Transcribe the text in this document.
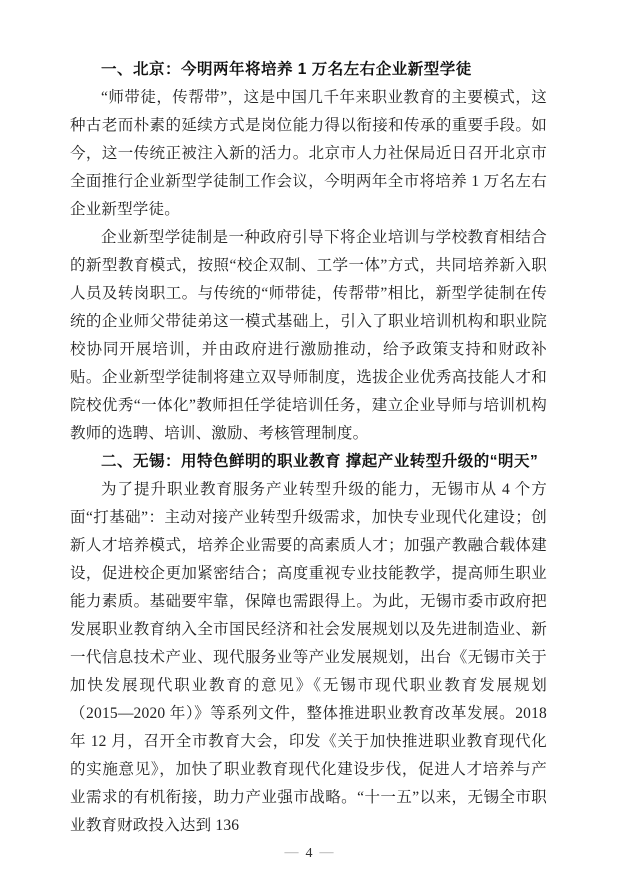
一、北京：今明两年将培养 1 万名左右企业新型学徒

“师带徒，传帮带”，这是中国几千年来职业教育的主要模式，这种古老而朴素的延续方式是岗位能力得以衔接和传承的重要手段。如今，这一传统正被注入新的活力。北京市人力社保局近日召开北京市全面推行企业新型学徒制工作会议，今明两年全市将培养 1 万名左右企业新型学徒。

企业新型学徒制是一种政府引导下将企业培训与学校教育相结合的新型教育模式，按照“校企双制、工学一体”方式，共同培养新入职人员及转岗职工。与传统的“师带徒，传帮带”相比，新型学徒制在传统的企业师父带徒弟这一模式基础上，引入了职业培训机构和职业院校协同开展培训，并由政府进行激励推动，给予政策支持和财政补贴。企业新型学徒制将建立双导师制度，选拔企业优秀高技能人才和院校优秀“一体化”教师担任学徒培训任务，建立企业导师与培训机构教师的选聘、培训、激励、考核管理制度。

二、无锡：用特色鲜明的职业教育 撑起产业转型升级的“明天”

为了提升职业教育服务产业转型升级的能力，无锡市从 4 个方面“打基础”：主动对接产业转型升级需求，加快专业现代化建设；创新人才培养模式，培养企业需要的高素质人才；加强产教融合载体建设，促进校企更加紧密结合；高度重视专业技能教学，提高师生职业能力素质。基础要牢靠，保障也需跟得上。为此，无锡市委市政府把发展职业教育纳入全市国民经济和社会发展规划以及先进制造业、新一代信息技术产业、现代服务业等产业发展规划，出台《无锡市关于加快发展现代职业教育的意见》《无锡市现代职业教育发展规划（2015—2020 年）》等系列文件，整体推进职业教育改革发展。2018 年 12 月，召开全市教育大会，印发《关于加快推进职业教育现代化的实施意见》，加快了职业教育现代化建设步伐，促进人才培养与产业需求的有机衔接，助力产业强市战略。“十一五”以来，无锡全市职业教育财政投入达到 136

— 4 —
